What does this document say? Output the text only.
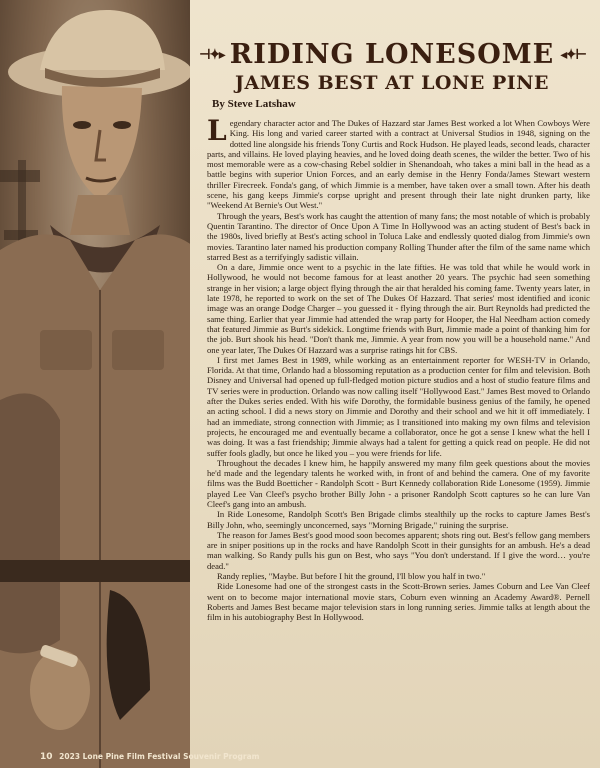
⊣✦▸ RIDING LONESOME ◂✦⊢
JAMES BEST AT LONE PINE
By Steve Latshaw

Legendary character actor and The Dukes of Hazzard star James Best worked a lot When Cowboys Were King. His long and varied career started with a contract at Universal Studios in 1948, signing on the dotted line alongside his friends Tony Curtis and Rock Hudson. He played leads, second leads, character parts, and villains. He loved playing heavies, and he loved doing death scenes, the wilder the better. Two of his most memorable were as a cow-chasing Rebel soldier in Shenandoah, who takes a mini ball in the head as a battle begins with superior Union Forces, and an early demise in the Henry Fonda/James Stewart western thriller Firecreek. Fonda's gang, of which Jimmie is a member, have taken over a small town. After his death scene, his gang keeps Jimmie's corpse upright and present through their late night drunken party, like "Weekend At Bernie's Out West."

Through the years, Best's work has caught the attention of many fans; the most notable of which is probably Quentin Tarantino. The director of Once Upon A Time In Hollywood was an acting student of Best's back in the 1980s, lived briefly at Best's acting school in Toluca Lake and endlessly quoted dialog from Jimmie's own movies. Tarantino later named his production company Rolling Thunder after the film of the same name which starred Best as a terrifyingly sadistic villain.

On a dare, Jimmie once went to a psychic in the late fifties. He was told that while he would work in Hollywood, he would not become famous for at least another 20 years. The psychic had seen something strange in her vision; a large object flying through the air that heralded his coming fame. Twenty years later, in late 1978, he reported to work on the set of The Dukes Of Hazzard. That series' most identified and iconic image was an orange Dodge Charger – you guessed it - flying through the air. Burt Reynolds had predicted the same thing. Earlier that year Jimmie had attended the wrap party for Hooper, the Hal Needham action comedy that featured Jimmie as Burt's sidekick. Longtime friends with Burt, Jimmie made a point of thanking him for the job. Burt shook his head. "Don't thank me, Jimmie. A year from now you will be a household name." And one year later, The Dukes Of Hazzard was a surprise ratings hit for CBS.

I first met James Best in 1989, while working as an entertainment reporter for WESH-TV in Orlando, Florida. At that time, Orlando had a blossoming reputation as a production center for film and television. Both Disney and Universal had opened up full-fledged motion picture studios and a host of studio feature films and TV series were in production. Orlando was now calling itself "Hollywood East." James Best moved to Orlando after the Dukes series ended. With his wife Dorothy, the formidable business genius of the family, he opened an acting school. I did a news story on Jimmie and Dorothy and their school and we hit it off immediately. I had an immediate, strong connection with Jimmie; as I transitioned into making my own films and television projects, he encouraged me and eventually became a collaborator, once he got a sense I knew what the hell I was doing. It was a fast friendship; Jimmie always had a talent for getting a quick read on people. He did not suffer fools gladly, but once he liked you – you were friends for life.

Throughout the decades I knew him, he happily answered my many film geek questions about the movies he'd made and the legendary talents he worked with, in front of and behind the camera. One of my favorite films was the Budd Boetticher - Randolph Scott - Burt Kennedy collaboration Ride Lonesome (1959). Jimmie played Lee Van Cleef's psycho brother Billy John - a prisoner Randolph Scott captures so he can lure Van Cleef's gang into an ambush.

In Ride Lonesome, Randolph Scott's Ben Brigade climbs stealthily up the rocks to capture James Best's Billy John, who, seemingly unconcerned, says "Morning Brigade," ruining the surprise.

The reason for James Best's good mood soon becomes apparent; shots ring out. Best's fellow gang members are in sniper positions up in the rocks and have Randolph Scott in their gunsights for an ambush. He's a dead man walking. So Randy pulls his gun on Best, who says "You don't understand. If I give the word… you're dead."

Randy replies, "Maybe. But before I hit the ground, I'll blow you half in two."

Ride Lonesome had one of the strongest casts in the Scott-Brown series. James Coburn and Lee Van Cleef went on to become major international movie stars, Coburn even winning an Academy Award®. Pernell Roberts and James Best became major television stars in long running series. Jimmie talks at length about the film in his autobiography Best In Hollywood.

10 2023 Lone Pine Film Festival Souvenir Program
